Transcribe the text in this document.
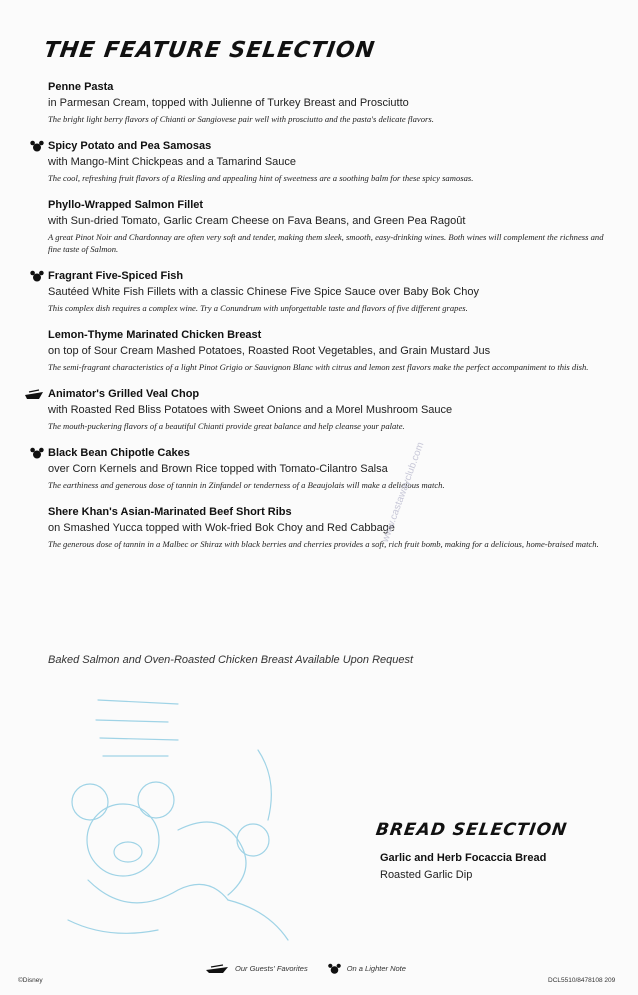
THE FEATURE SELECTION

Penne Pasta

in Parmesan Cream, topped with Julienne of Turkey Breast and Prosciutto

The bright light berry flavors of Chianti or Sangiovese pair well with prosciutto and the pasta's delicate flavors.

Spicy Potato and Pea Samosas

with Mango-Mint Chickpeas and a Tamarind Sauce

The cool, refreshing fruit flavors of a Riesling and appealing hint of sweetness are a soothing balm for these spicy samosas.

Phyllo-Wrapped Salmon Fillet

with Sun-dried Tomato, Garlic Cream Cheese on Fava Beans, and Green Pea Ragoût

A great Pinot Noir and Chardonnay are often very soft and tender, making them sleek, smooth, easy-drinking wines. Both wines will complement the richness and fine taste of Salmon.

Fragrant Five-Spiced Fish

Sautéed White Fish Fillets with a classic Chinese Five Spice Sauce over Baby Bok Choy

This complex dish requires a complex wine. Try a Conundrum with unforgettable taste and flavors of five different grapes.

Lemon-Thyme Marinated Chicken Breast

on top of Sour Cream Mashed Potatoes, Roasted Root Vegetables, and Grain Mustard Jus

The semi-fragrant characteristics of a light Pinot Grigio or Sauvignon Blanc with citrus and lemon zest flavors make the perfect accompaniment to this dish.

Animator's Grilled Veal Chop

with Roasted Red Bliss Potatoes with Sweet Onions and a Morel Mushroom Sauce

The mouth-puckering flavors of a beautiful Chianti provide great balance and help cleanse your palate.

Black Bean Chipotle Cakes

over Corn Kernels and Brown Rice topped with Tomato-Cilantro Salsa

The earthiness and generous dose of tannin in Zinfandel or tenderness of a Beaujolais will make a delicious match.

Shere Khan's Asian-Marinated Beef Short Ribs

on Smashed Yucca topped with Wok-fried Bok Choy and Red Cabbage

The generous dose of tannin in a Malbec or Shiraz with black berries and cherries provides a soft, rich fruit bomb, making for a delicious, home-braised match.

Baked Salmon and Oven-Roasted Chicken Breast Available Upon Request
www.castawayclub.com
BREAD SELECTION

Garlic and Herb Focaccia Bread

Roasted Garlic Dip

Our Guests' Favorites	On a Lighter Note
©Disney	DCL5510/8478108 209
